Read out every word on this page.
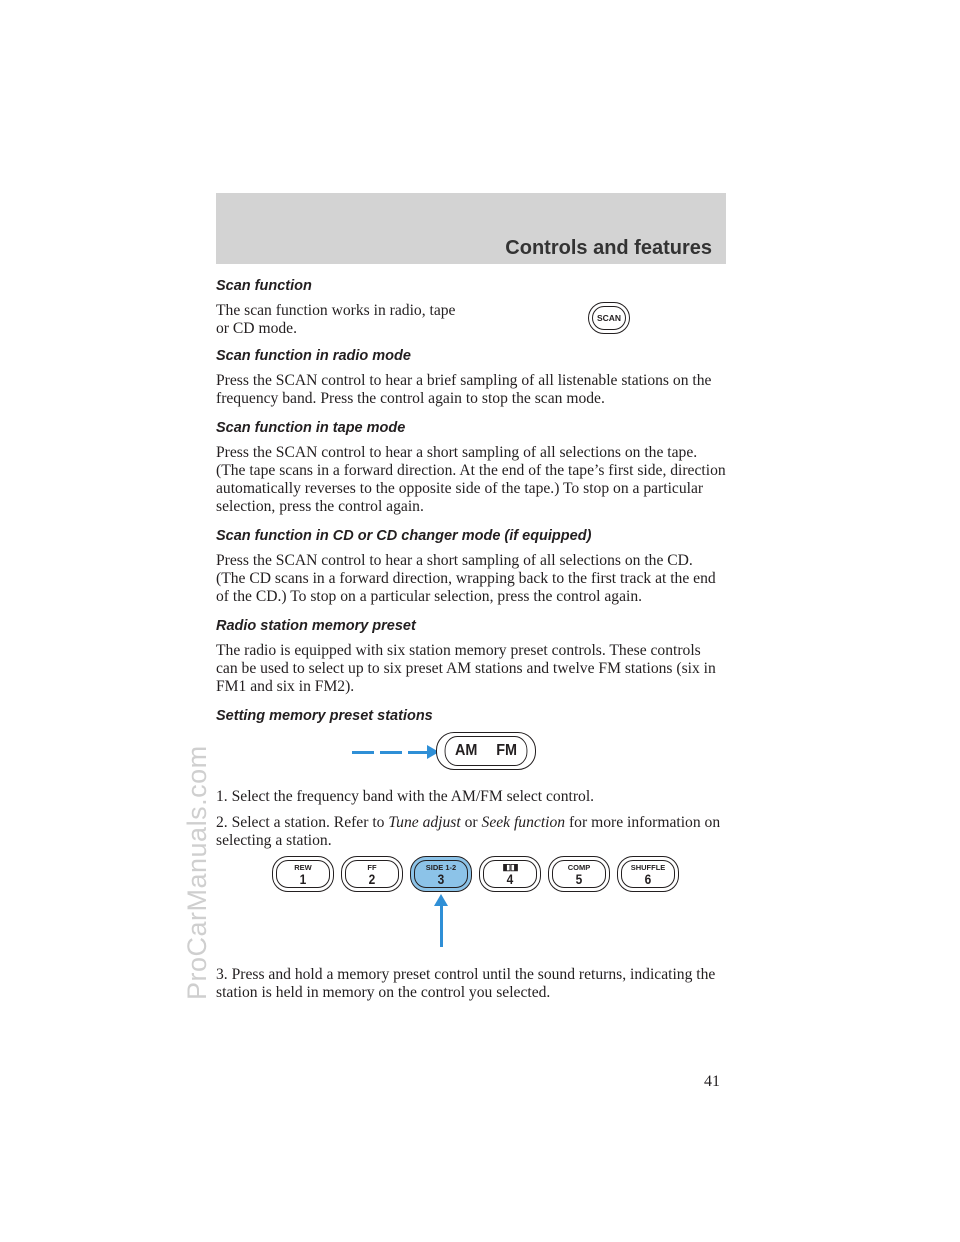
ProCarManuals.com
Controls and features
Scan function

The scan function works in radio, tape or CD mode.

SCAN
Scan function in radio mode

Press the SCAN control to hear a brief sampling of all listenable stations on the frequency band. Press the control again to stop the scan mode.

Scan function in tape mode

Press the SCAN control to hear a short sampling of all selections on the tape. (The tape scans in a forward direction. At the end of the tape’s first side, direction automatically reverses to the opposite side of the tape.) To stop on a particular selection, press the control again.

Scan function in CD or CD changer mode (if equipped)

Press the SCAN control to hear a short sampling of all selections on the CD. (The CD scans in a forward direction, wrapping back to the first track at the end of the CD.) To stop on a particular selection, press the control again.

Radio station memory preset

The radio is equipped with six station memory preset controls. These controls can be used to select up to six preset AM stations and twelve FM stations (six in FM1 and six in FM2).

Setting memory preset stations
AM FM

1. Select the frequency band with the AM/FM select control.

2. Select a station. Refer to Tune adjust or Seek function for more information on selecting a station.

REW
1
FF
2
SIDE 1-2
3
◧◨
4
COMP
5
SHUFFLE
6

3. Press and hold a memory preset control until the sound returns, indicating the station is held in memory on the control you selected.

41
